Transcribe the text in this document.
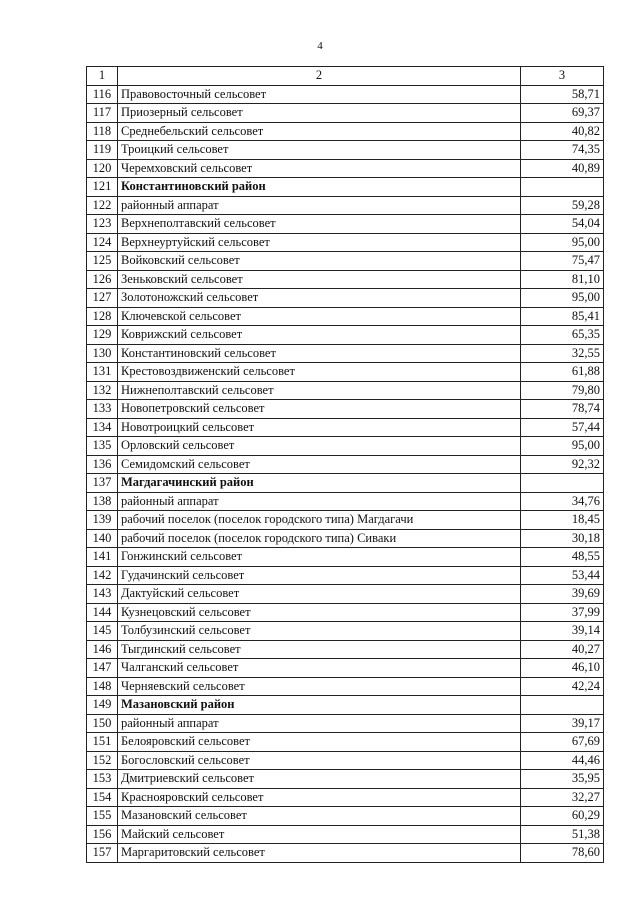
4
1	2	3
116	Правовосточный сельсовет	58,71
117	Приозерный сельсовет	69,37
118	Среднебельский сельсовет	40,82
119	Троицкий сельсовет	74,35
120	Черемховский сельсовет	40,89
121	Константиновский район	
122	районный аппарат	59,28
123	Верхнеполтавский сельсовет	54,04
124	Верхнеуртуйский сельсовет	95,00
125	Войковский сельсовет	75,47
126	Зеньковский сельсовет	81,10
127	Золотоножский сельсовет	95,00
128	Ключевской сельсовет	85,41
129	Коврижский сельсовет	65,35
130	Константиновский сельсовет	32,55
131	Крестовоздвиженский сельсовет	61,88
132	Нижнеполтавский сельсовет	79,80
133	Новопетровский сельсовет	78,74
134	Новотроицкий сельсовет	57,44
135	Орловский сельсовет	95,00
136	Семидомский сельсовет	92,32
137	Магдагачинский район	
138	районный аппарат	34,76
139	рабочий поселок (поселок городского типа) Магдагачи	18,45
140	рабочий поселок (поселок городского типа) Сиваки	30,18
141	Гонжинский сельсовет	48,55
142	Гудачинский сельсовет	53,44
143	Дактуйский сельсовет	39,69
144	Кузнецовский сельсовет	37,99
145	Толбузинский сельсовет	39,14
146	Тыгдинский сельсовет	40,27
147	Чалганский сельсовет	46,10
148	Черняевский сельсовет	42,24
149	Мазановский район	
150	районный аппарат	39,17
151	Белояровский сельсовет	67,69
152	Богословский сельсовет	44,46
153	Дмитриевский сельсовет	35,95
154	Краснояровский сельсовет	32,27
155	Мазановский сельсовет	60,29
156	Майский сельсовет	51,38
157	Маргаритовский сельсовет	78,60
